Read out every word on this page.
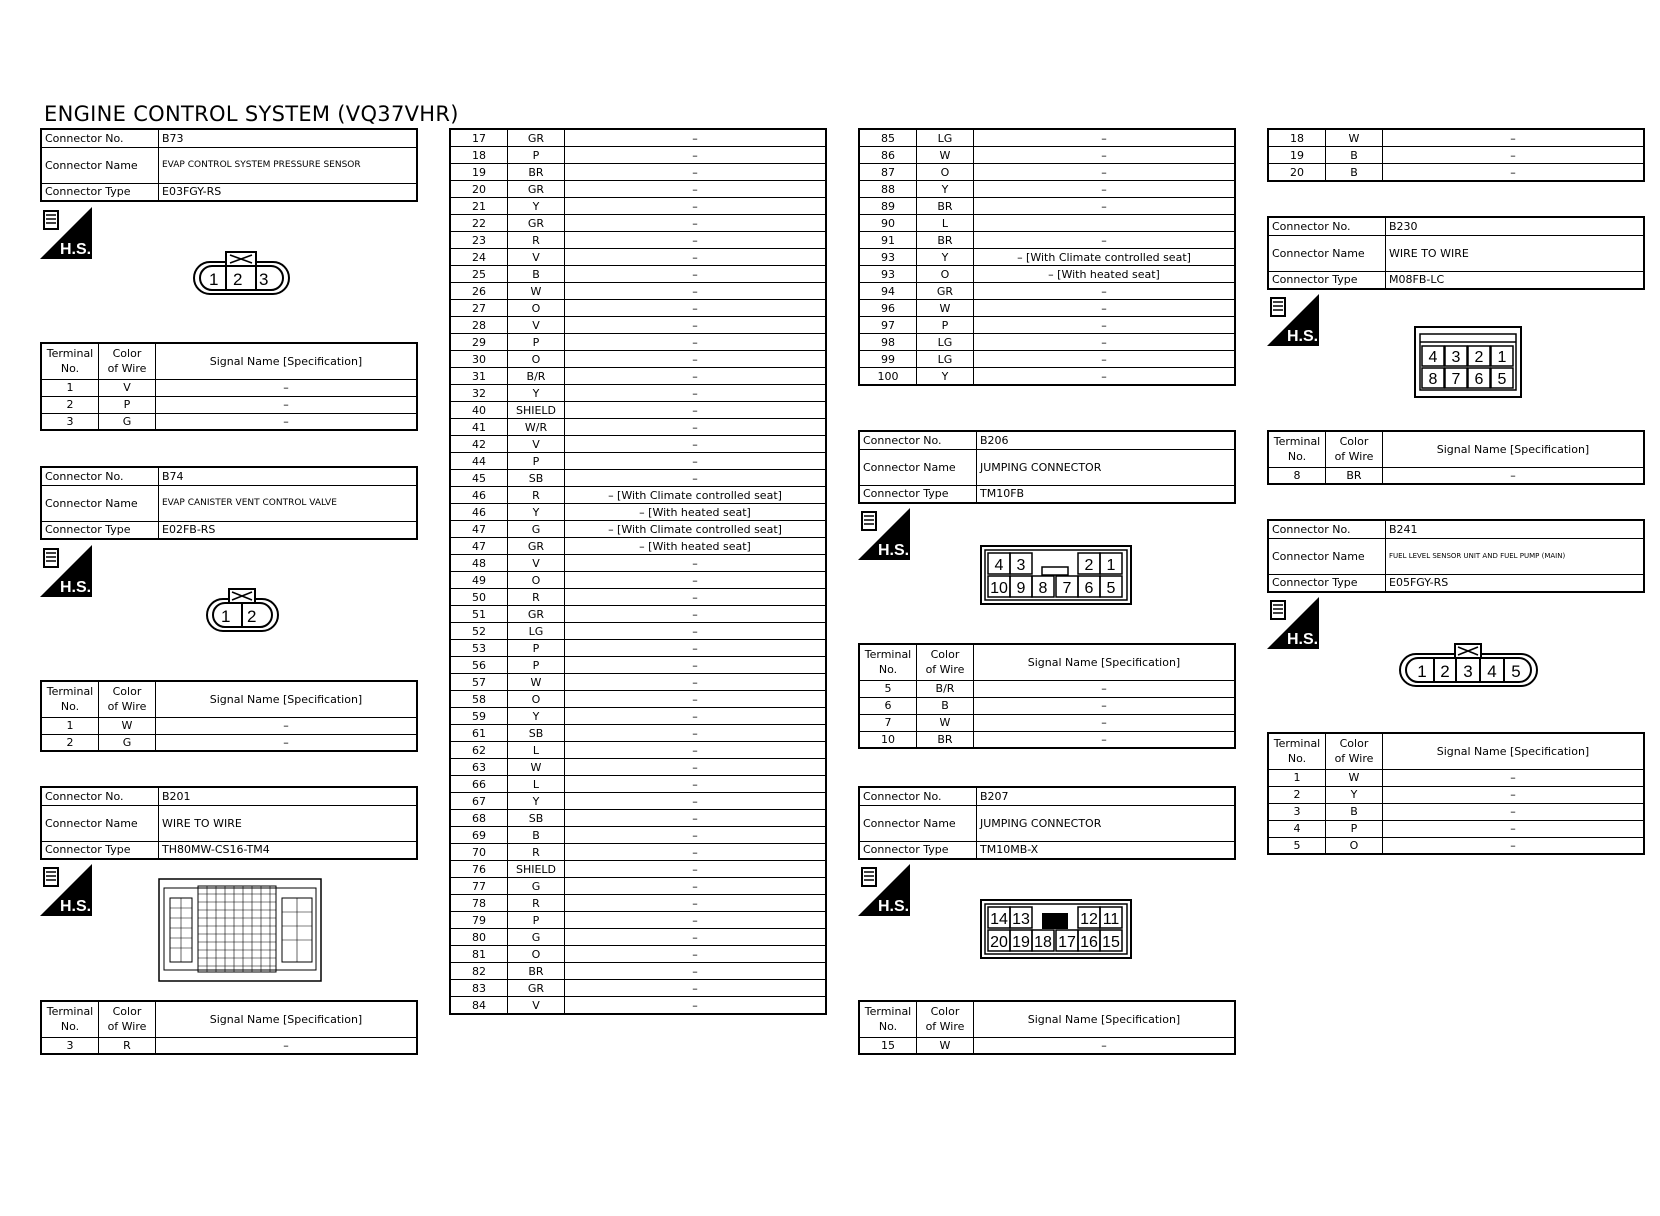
ENGINE CONTROL SYSTEM (VQ37VHR)
Connector No.	B73
Connector Name	EVAP CONTROL SYSTEM PRESSURE SENSOR
Connector Type	E03FGY-RS
H.S.
1 2 3
Terminal
No.	Color
of Wire	Signal Name [Specification]
1	V	–
2	P	–
3	G	–
Connector No.	B74
Connector Name	EVAP CANISTER VENT CONTROL VALVE
Connector Type	E02FB-RS
H.S.
1 2
Terminal
No.	Color
of Wire	Signal Name [Specification]
1	W	–
2	G	–
Connector No.	B201
Connector Name	WIRE TO WIRE
Connector Type	TH80MW-CS16-TM4
H.S.
Terminal
No.	Color
of Wire	Signal Name [Specification]
3	R	–
17	GR	–
18	P	–
19	BR	–
20	GR	–
21	Y	–
22	GR	–
23	R	–
24	V	–
25	B	–
26	W	–
27	O	–
28	V	–
29	P	–
30	O	–
31	B/R	–
32	Y	–
40	SHIELD	–
41	W/R	–
42	V	–
44	P	–
45	SB	–
46	R	– [With Climate controlled seat]
46	Y	– [With heated seat]
47	G	– [With Climate controlled seat]
47	GR	– [With heated seat]
48	V	–
49	O	–
50	R	–
51	GR	–
52	LG	–
53	P	–
56	P	–
57	W	–
58	O	–
59	Y	–
61	SB	–
62	L	–
63	W	–
66	L	–
67	Y	–
68	SB	–
69	B	–
70	R	–
76	SHIELD	–
77	G	–
78	R	–
79	P	–
80	G	–
81	O	–
82	BR	–
83	GR	–
84	V	–
85	LG	–
86	W	–
87	O	–
88	Y	–
89	BR	–
90	L	
91	BR	–
93	Y	– [With Climate controlled seat]
93	O	– [With heated seat]
94	GR	–
96	W	–
97	P	–
98	LG	–
99	LG	–
100	Y	–
Connector No.	B206
Connector Name	JUMPING CONNECTOR
Connector Type	TM10FB
H.S.
4 3	2 1
10 9 8 7 6 5
Terminal
No.	Color
of Wire	Signal Name [Specification]
5	B/R	–
6	B	–
7	W	–
10	BR	–
Connector No.	B207
Connector Name	JUMPING CONNECTOR
Connector Type	TM10MB-X
H.S.
14 13	12 11
20 19 18 17 16 15
Terminal
No.	Color
of Wire	Signal Name [Specification]
15	W	–
18	W	–
19	B	–
20	B	–
Connector No.	B230
Connector Name	WIRE TO WIRE
Connector Type	M08FB-LC
H.S.
4 3 2 1
8 7 6 5
Terminal
No.	Color
of Wire	Signal Name [Specification]
8	BR	–
Connector No.	B241
Connector Name	FUEL LEVEL SENSOR UNIT AND FUEL PUMP (MAIN)
Connector Type	E05FGY-RS
H.S.
1 2 3 4 5
Terminal
No.	Color
of Wire	Signal Name [Specification]
1	W	–
2	Y	–
3	B	–
4	P	–
5	O	–
